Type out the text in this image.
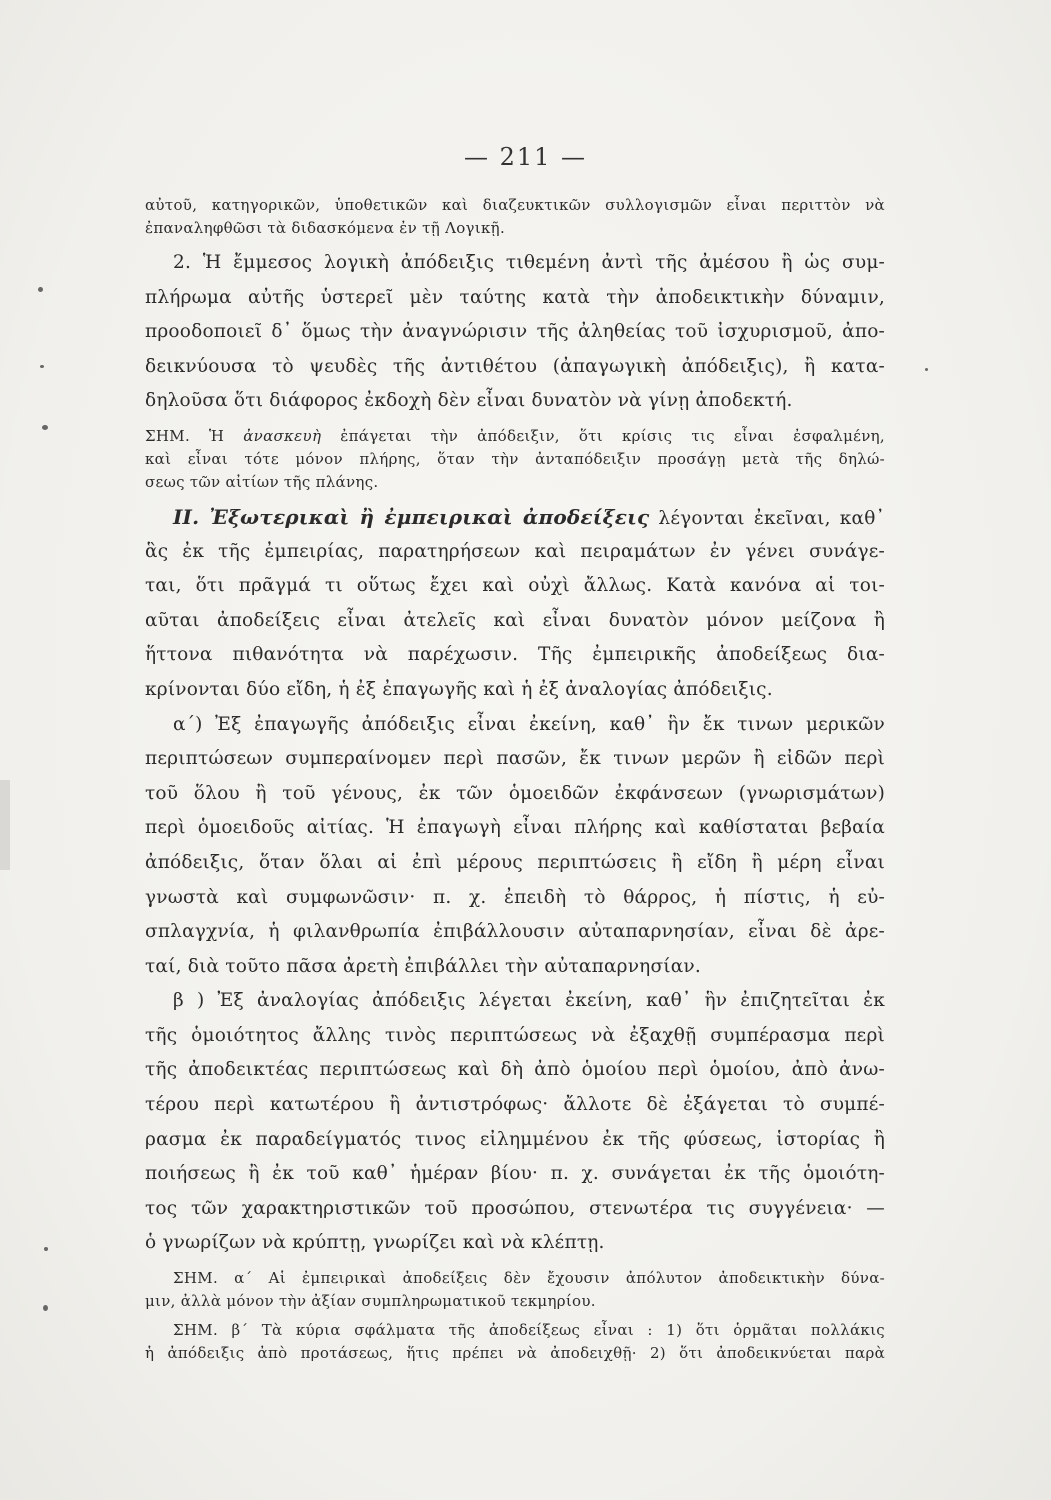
— 211 —
αὐτοῦ, κατηγορικῶν, ὑποθετικῶν καὶ διαζευκτικῶν συλλογισμῶν εἶναι περιττὸν νὰ
ἐπαναληφθῶσι τὰ διδασκόμενα ἐν τῇ Λογικῇ.
2. Ἡ ἔμμεσος λογικὴ ἀπόδειξις τιθεμένη ἀντὶ τῆς ἀμέσου ἢ ὡς συμ-
πλήρωμα αὐτῆς ὑστερεῖ μὲν ταύτης κατὰ τὴν ἀποδεικτικὴν δύναμιν,
προοδοποιεῖ δ᾽ ὅμως τὴν ἀναγνώρισιν τῆς ἀληθείας τοῦ ἰσχυρισμοῦ, ἀπο-
δεικνύουσα τὸ ψευδὲς τῆς ἀντιθέτου (ἀπαγωγικὴ ἀπόδειξις), ἢ κατα-
δηλοῦσα ὅτι διάφορος ἐκδοχὴ δὲν εἶναι δυνατὸν νὰ γίνῃ ἀποδεκτή.
ΣΗΜ. Ἡ ἀνασκευὴ ἐπάγεται τὴν ἀπόδειξιν, ὅτι κρίσις τις εἶναι ἐσφαλμένη,
καὶ εἶναι τότε μόνον πλήρης, ὅταν τὴν ἀνταπόδειξιν προσάγῃ μετὰ τῆς δηλώ-
σεως τῶν αἰτίων τῆς πλάνης.
ΙΙ. Ἐξωτερικαὶ ἢ ἐμπειρικαὶ ἀποδείξεις λέγονται ἐκεῖναι, καθ᾽
ἃς ἐκ τῆς ἐμπειρίας, παρατηρήσεων καὶ πειραμάτων ἐν γένει συνάγε-
ται, ὅτι πρᾶγμά τι οὕτως ἔχει καὶ οὐχὶ ἄλλως. Κατὰ κανόνα αἱ τοι-
αῦται ἀποδείξεις εἶναι ἀτελεῖς καὶ εἶναι δυνατὸν μόνον μείζονα ἢ
ἥττονα πιθανότητα νὰ παρέχωσιν. Τῆς ἐμπειρικῆς ἀποδείξεως δια-
κρίνονται δύο εἴδη, ἡ ἐξ ἐπαγωγῆς καὶ ἡ ἐξ ἀναλογίας ἀπόδειξις.
α´) Ἐξ ἐπαγωγῆς ἀπόδειξις εἶναι ἐκείνη, καθ᾽ ἣν ἔκ τινων μερικῶν
περιπτώσεων συμπεραίνομεν περὶ πασῶν, ἔκ τινων μερῶν ἢ εἰδῶν περὶ
τοῦ ὅλου ἢ τοῦ γένους, ἐκ τῶν ὁμοειδῶν ἐκφάνσεων (γνωρισμάτων)
περὶ ὁμοειδοῦς αἰτίας. Ἡ ἐπαγωγὴ εἶναι πλήρης καὶ καθίσταται βεβαία
ἀπόδειξις, ὅταν ὅλαι αἱ ἐπὶ μέρους περιπτώσεις ἢ εἴδη ἢ μέρη εἶναι
γνωστὰ καὶ συμφωνῶσιν· π. χ. ἐπειδὴ τὸ θάρρος, ἡ πίστις, ἡ εὐ-
σπλαγχνία, ἡ φιλανθρωπία ἐπιβάλλουσιν αὐταπαρνησίαν, εἶναι δὲ ἀρε-
ταί, διὰ τοῦτο πᾶσα ἀρετὴ ἐπιβάλλει τὴν αὐταπαρνησίαν.
β ) Ἐξ ἀναλογίας ἀπόδειξις λέγεται ἐκείνη, καθ᾽ ἣν ἐπιζητεῖται ἐκ
τῆς ὁμοιότητος ἄλλης τινὸς περιπτώσεως νὰ ἐξαχθῇ συμπέρασμα περὶ
τῆς ἀποδεικτέας περιπτώσεως καὶ δὴ ἀπὸ ὁμοίου περὶ ὁμοίου, ἀπὸ ἀνω-
τέρου περὶ κατωτέρου ἢ ἀντιστρόφως· ἄλλοτε δὲ ἐξάγεται τὸ συμπέ-
ρασμα ἐκ παραδείγματός τινος εἰλημμένου ἐκ τῆς φύσεως, ἱστορίας ἢ
ποιήσεως ἢ ἐκ τοῦ καθ᾽ ἡμέραν βίου· π. χ. συνάγεται ἐκ τῆς ὁμοιότη-
τος τῶν χαρακτηριστικῶν τοῦ προσώπου, στενωτέρα τις συγγένεια· —
ὁ γνωρίζων νὰ κρύπτῃ, γνωρίζει καὶ νὰ κλέπτῃ.
ΣΗΜ. α´ Αἱ ἐμπειρικαὶ ἀποδείξεις δὲν ἔχουσιν ἀπόλυτον ἀποδεικτικὴν δύνα-
μιν, ἀλλὰ μόνον τὴν ἀξίαν συμπληρωματικοῦ τεκμηρίου.
ΣΗΜ. β´ Τὰ κύρια σφάλματα τῆς ἀποδείξεως εἶναι : 1) ὅτι ὁρμᾶται πολλάκις
ἡ ἀπόδειξις ἀπὸ προτάσεως, ἥτις πρέπει νὰ ἀποδειχθῇ· 2) ὅτι ἀποδεικνύεται παρὰ
